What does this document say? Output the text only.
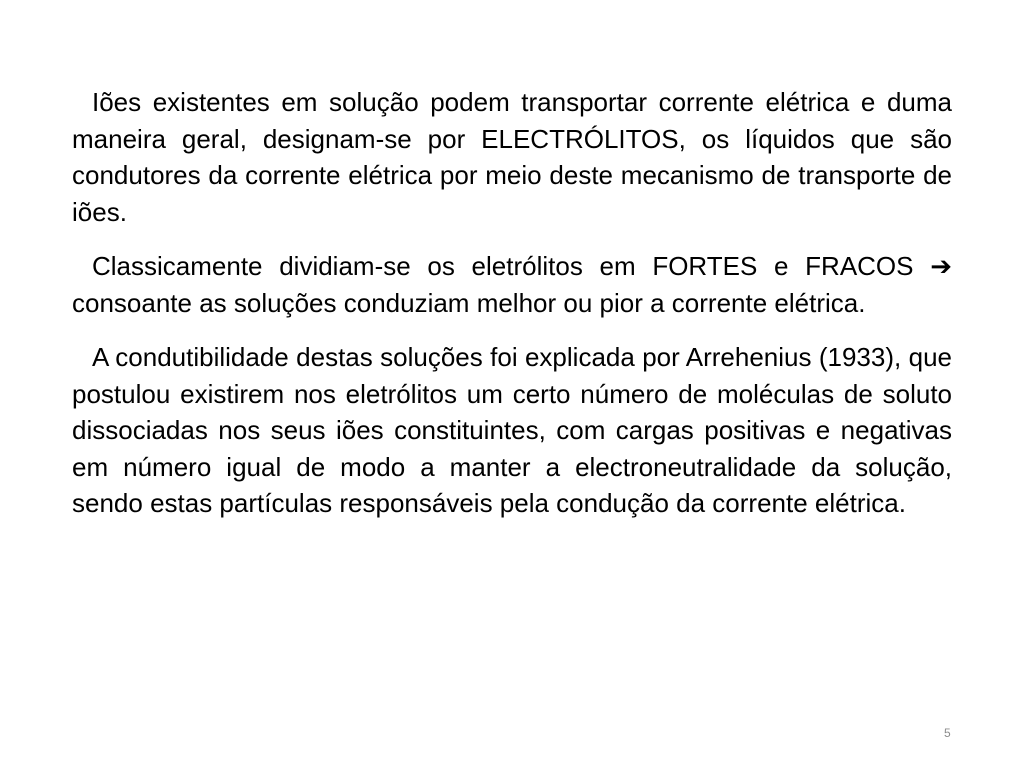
Iões existentes em solução podem transportar corrente elétrica e duma maneira geral, designam-se por ELECTRÓLITOS, os líquidos que são condutores da corrente elétrica por meio deste mecanismo de transporte de iões.

Classicamente dividiam-se os eletrólitos em FORTES e FRACOS ➔ consoante as soluções conduziam melhor ou pior a corrente elétrica.

A condutibilidade destas soluções foi explicada por Arrehenius (1933), que postulou existirem nos eletrólitos um certo número de moléculas de soluto dissociadas nos seus iões constituintes, com cargas positivas e negativas em número igual de modo a manter a electroneutralidade da solução, sendo estas partículas responsáveis pela condução da corrente elétrica.

5
